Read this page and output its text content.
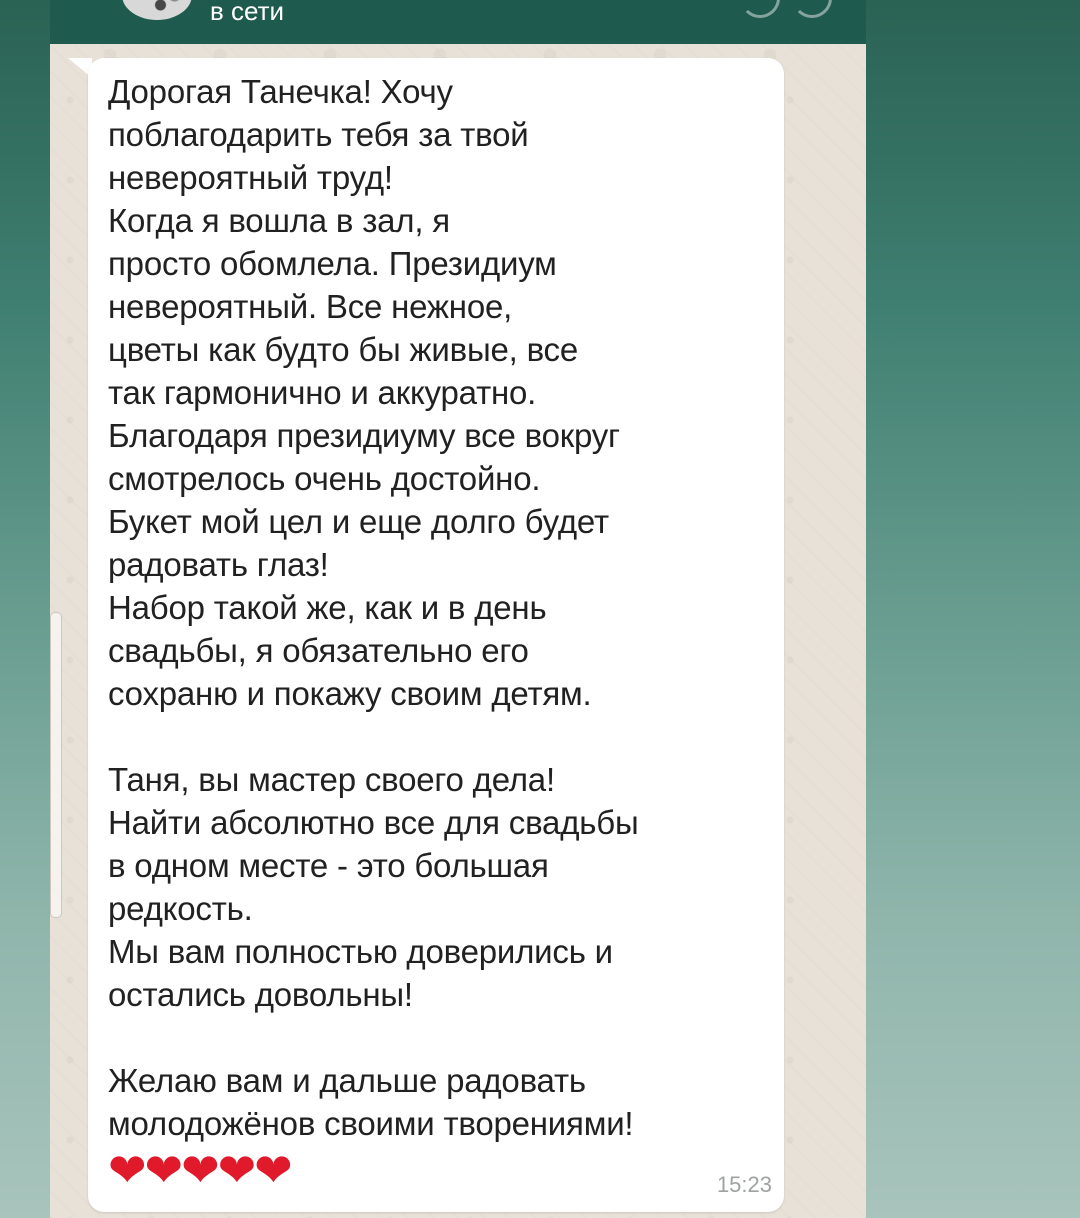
в сети
Дорогая Танечка! Хочу
поблагодарить тебя за твой
невероятный труд!
Когда я вошла в зал, я
просто обомлела. Президиум
невероятный. Все нежное,
цветы как будто бы живые, все
так гармонично и аккуратно.
Благодаря президиуму все вокруг
смотрелось очень достойно.
Букет мой цел и еще долго будет
радовать глаз!
Набор такой же, как и в день
свадьбы, я обязательно его
сохраню и покажу своим детям.

Таня, вы мастер своего дела!
Найти абсолютно все для свадьбы
в одном месте - это большая
редкость.
Мы вам полностью доверились и
остались довольны!

Желаю вам и дальше радовать
молодожёнов своими творениями!
❤❤❤❤❤	15:23
